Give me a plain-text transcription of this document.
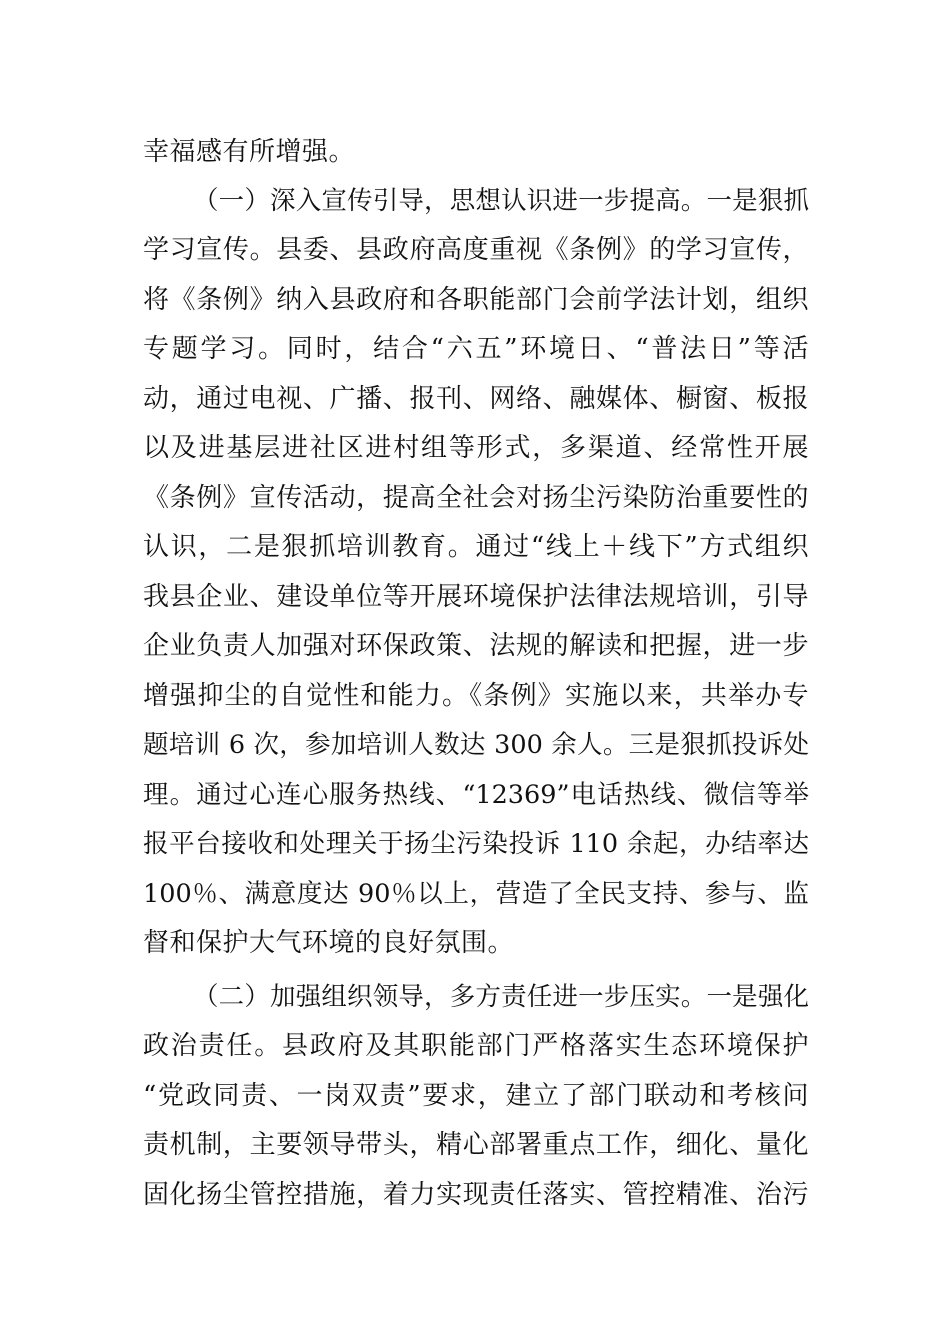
幸福感有所增强。
（一）深入宣传引导，思想认识进一步提高。一是狠抓
学习宣传。县委、县政府高度重视《条例》的学习宣传，
将《条例》纳入县政府和各职能部门会前学法计划，组织
专题学习。同时，结合“六五”环境日、“普法日”等活
动，通过电视、广播、报刊、网络、融媒体、橱窗、板报
以及进基层进社区进村组等形式，多渠道、经常性开展
《条例》宣传活动，提高全社会对扬尘污染防治重要性的
认识，二是狠抓培训教育。通过“线上＋线下”方式组织
我县企业、建设单位等开展环境保护法律法规培训，引导
企业负责人加强对环保政策、法规的解读和把握，进一步
增强抑尘的自觉性和能力。《条例》实施以来，共举办专
题培训 6 次，参加培训人数达 300 余人。三是狠抓投诉处
理。通过心连心服务热线、“12369”电话热线、微信等举
报平台接收和处理关于扬尘污染投诉 110 余起，办结率达
100％、满意度达 90％以上，营造了全民支持、参与、监
督和保护大气环境的良好氛围。
（二）加强组织领导，多方责任进一步压实。一是强化
政治责任。县政府及其职能部门严格落实生态环境保护
“党政同责、一岗双责”要求，建立了部门联动和考核问
责机制，主要领导带头，精心部署重点工作，细化、量化
固化扬尘管控措施，着力实现责任落实、管控精准、治污
